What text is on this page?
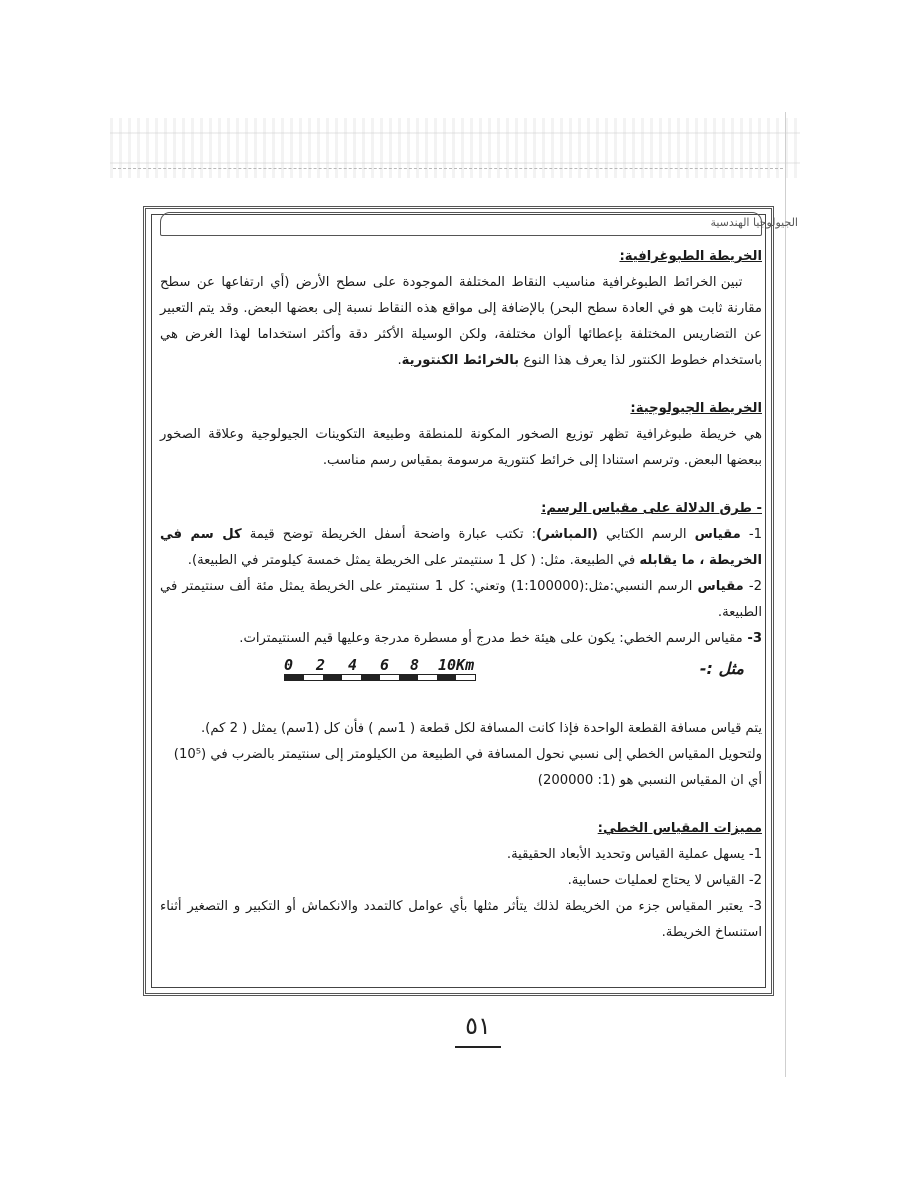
الجيولوجيا الهندسية

الخريطة الطبوغرافية:

تبين الخرائط الطبوغرافية مناسيب النقاط المختلفة الموجودة على سطح الأرض (أي ارتفاعها عن سطح مقارنة ثابت هو في العادة سطح البحر) بالإضافة إلى مواقع هذه النقاط نسبة إلى بعضها البعض. وقد يتم التعبير عن التضاريس المختلفة بإعطائها ألوان مختلفة، ولكن الوسيلة الأكثر دقة وأكثر استخداما لهذا الغرض هي باستخدام خطوط الكنتور لذا يعرف هذا النوع بالخرائط الكنتورية.

الخريطة الجيولوجية:

هي خريطة طبوغرافية تظهر توزيع الصخور المكونة للمنطقة وطبيعة التكوينات الجيولوجية وعلاقة الصخور ببعضها البعض. وترسم استنادا إلى خرائط كنتورية مرسومة بمقياس رسم مناسب.

- طرق الدلالة على مقياس الرسم:

1- مقياس الرسم الكتابي (المباشر): تكتب عبارة واضحة أسفل الخريطة توضح قيمة كل سم في الخريطة ، ما يقابله في الطبيعة. مثل: ( كل 1 سنتيمتر على الخريطة يمثل خمسة كيلومتر في الطبيعة).

2- مقياس الرسم النسبي:مثل:(1:100000) وتعني: كل 1 سنتيمتر على الخريطة يمثل مئة ألف سنتيمتر في الطبيعة.

3- مقياس الرسم الخطي: يكون على هيئة خط مدرج أو مسطرة مدرجة وعليها قيم السنتيمترات.

مثل :-
0 2 4 6 8 10Km

يتم قياس مسافة القطعة الواحدة فإذا كانت المسافة لكل قطعة ( 1سم ) فأن كل (1سم) يمثل ( 2 كم).

ولتحويل المقياس الخطي إلى نسبي نحول المسافة في الطبيعة من الكيلومتر إلى سنتيمتر بالضرب في (10⁵)

أي ان المقياس النسبي هو (1: 200000)

مميزات المقياس الخطي:

1- يسهل عملية القياس وتحديد الأبعاد الحقيقية.

2- القياس لا يحتاج لعمليات حسابية.

3- يعتبر المقياس جزء من الخريطة لذلك يتأثر مثلها بأي عوامل كالتمدد والانكماش أو التكبير و التصغير أثناء استنساخ الخريطة.

٥١
